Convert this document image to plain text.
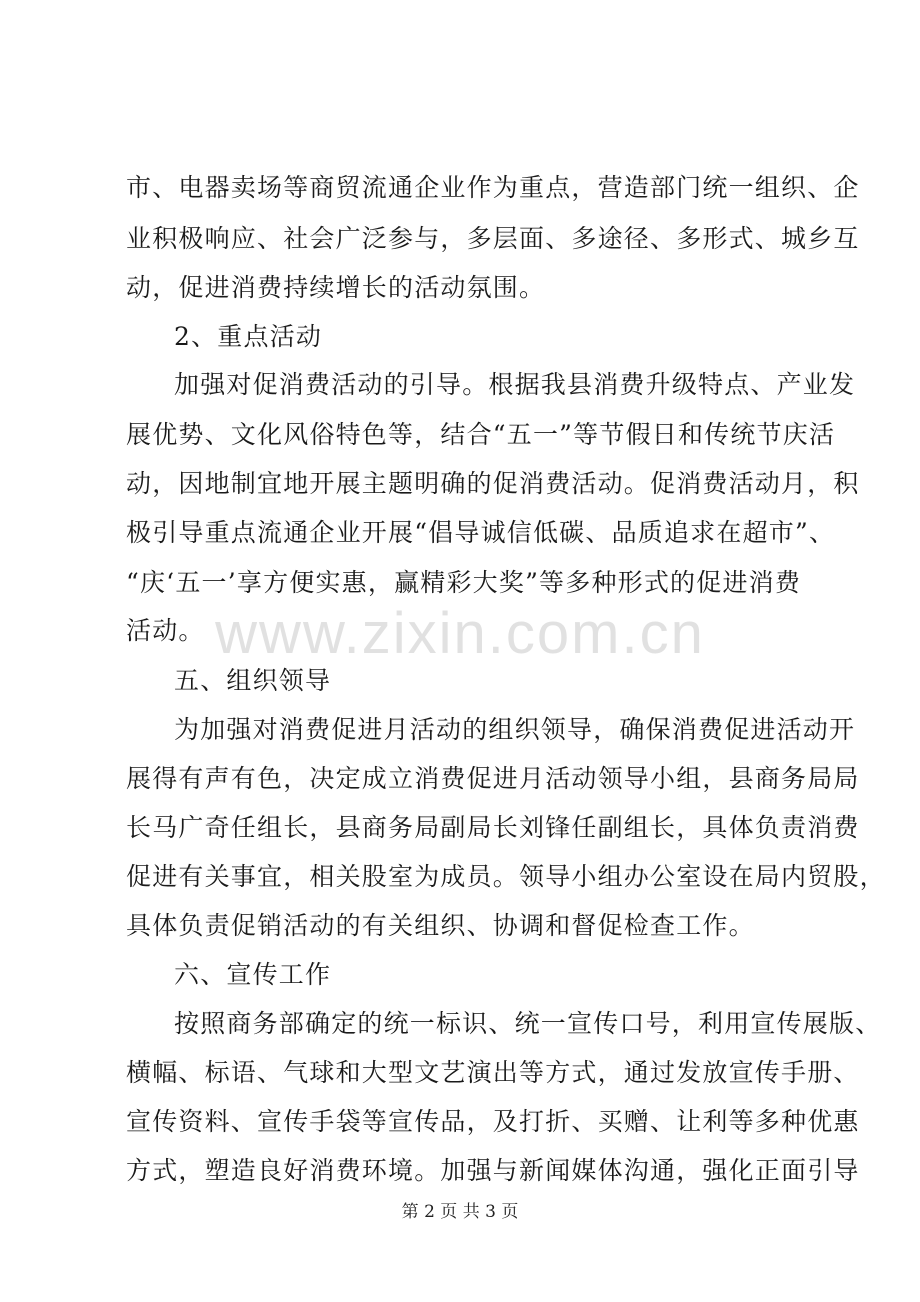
市、电器卖场等商贸流通企业作为重点，营造部门统一组织、企
业积极响应、社会广泛参与，多层面、多途径、多形式、城乡互
动，促进消费持续增长的活动氛围。
2、重点活动
加强对促消费活动的引导。根据我县消费升级特点、产业发
展优势、文化风俗特色等，结合“五一”等节假日和传统节庆活
动，因地制宜地开展主题明确的促消费活动。促消费活动月，积
极引导重点流通企业开展“倡导诚信低碳、品质追求在超市”、
“庆‘五一’享方便实惠，赢精彩大奖”等多种形式的促进消费
活动。
五、组织领导
为加强对消费促进月活动的组织领导，确保消费促进活动开
展得有声有色，决定成立消费促进月活动领导小组，县商务局局
长马广奇任组长，县商务局副局长刘锋任副组长，具体负责消费
促进有关事宜，相关股室为成员。领导小组办公室设在局内贸股，
具体负责促销活动的有关组织、协调和督促检查工作。
六、宣传工作
按照商务部确定的统一标识、统一宣传口号，利用宣传展版、
横幅、标语、气球和大型文艺演出等方式，通过发放宣传手册、
宣传资料、宣传手袋等宣传品，及打折、买赠、让利等多种优惠
方式，塑造良好消费环境。加强与新闻媒体沟通，强化正面引导
www.zixin.com.cn
第 2 页 共 3 页
